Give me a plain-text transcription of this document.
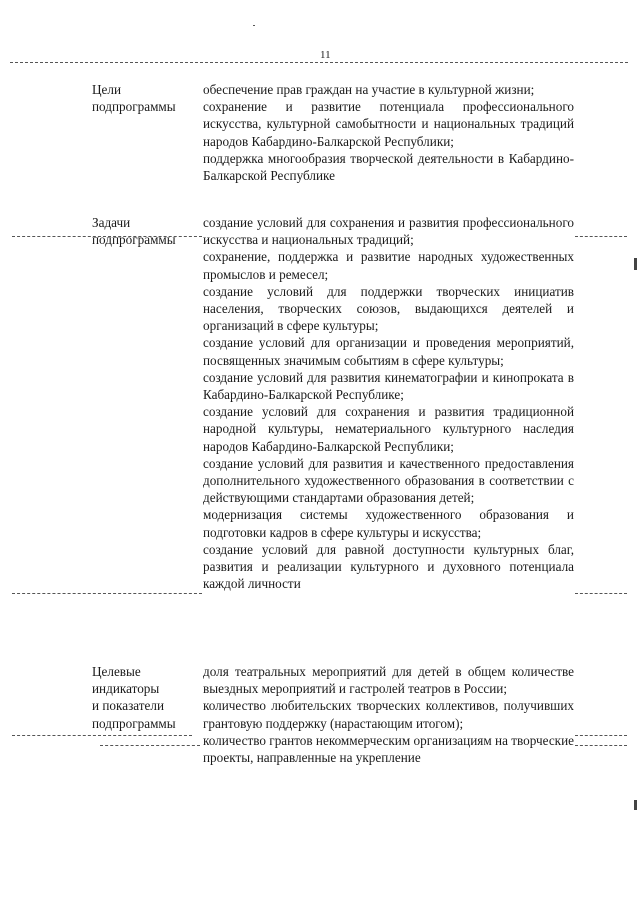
11
Цели
подпрограммы

обеспечение прав граждан на участие в культурной жизни;

сохранение и развитие потенциала профессионального искусства, культурной самобытности и национальных традиций народов Кабардино-Балкарской Республики;

поддержка многообразия творческой деятельности в Кабардино-Балкарской Республике

Задачи
подпрограммы

создание условий для сохранения и развития профессионального искусства и национальных традиций;

сохранение, поддержка и развитие народных художественных промыслов и ремесел;

создание условий для поддержки творческих инициатив населения, творческих союзов, выдающихся деятелей и организаций в сфере культуры;

создание условий для организации и проведения мероприятий, посвященных значимым событиям в сфере культуры;

создание условий для развития кинематографии и кинопроката в Кабардино-Балкарской Республике;

создание условий для сохранения и развития традиционной народной культуры, нематериального культурного наследия народов Кабардино-Балкарской Республики;

создание условий для развития и качественного предоставления дополнительного художественного образования в соответствии с действующими стандартами образования детей;

модернизация системы художественного образования и подготовки кадров в сфере культуры и искусства;

создание условий для равной доступности культурных благ, развития и реализации культурного и духовного потенциала каждой личности

Целевые
индикаторы
и показатели
подпрограммы

доля театральных мероприятий для детей в общем количестве выездных мероприятий и гастролей театров в России;

количество любительских творческих коллективов, получивших грантовую поддержку (нарастающим итогом);

количество грантов некоммерческим организациям на творческие проекты, направленные на укрепление
